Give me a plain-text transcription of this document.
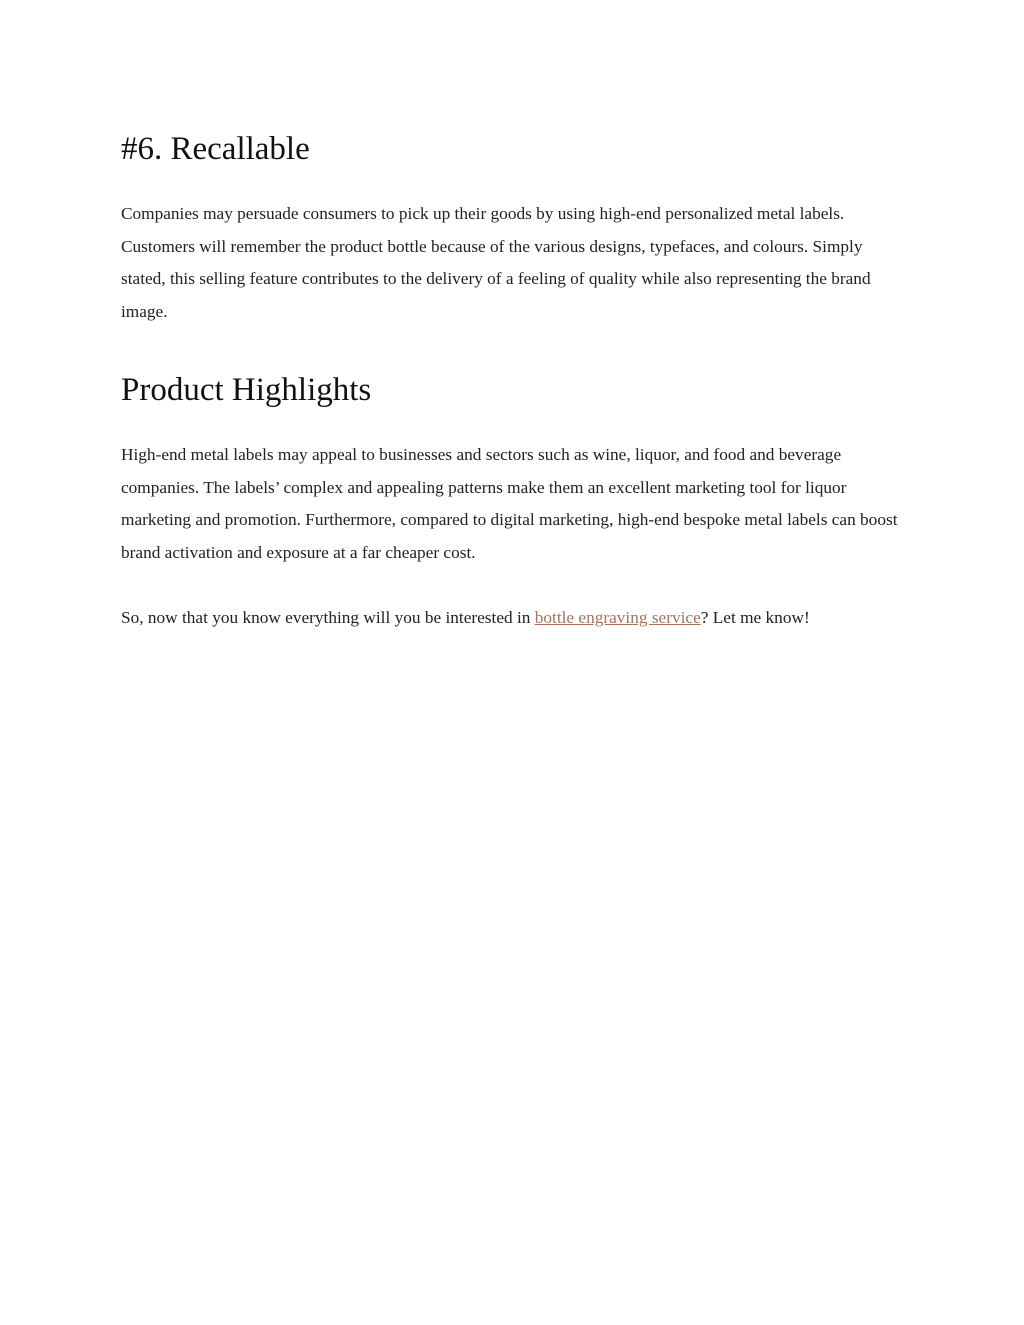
#6. Recallable

Companies may persuade consumers to pick up their goods by using high-end personalized metal labels. Customers will remember the product bottle because of the various designs, typefaces, and colours. Simply stated, this selling feature contributes to the delivery of a feeling of quality while also representing the brand image.

Product Highlights

High-end metal labels may appeal to businesses and sectors such as wine, liquor, and food and beverage companies. The labels’ complex and appealing patterns make them an excellent marketing tool for liquor marketing and promotion. Furthermore, compared to digital marketing, high-end bespoke metal labels can boost brand activation and exposure at a far cheaper cost.

So, now that you know everything will you be interested in bottle engraving service? Let me know!
